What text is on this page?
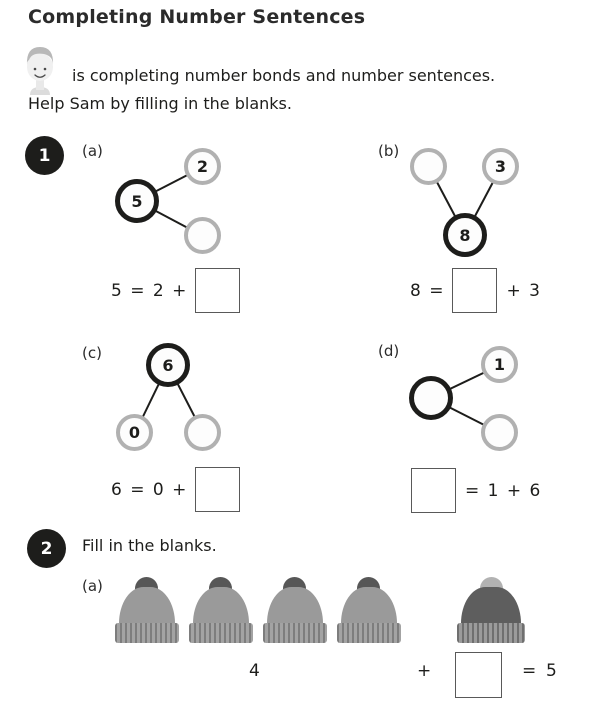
Completing Number Sentences
is completing number bonds and number sentences.
Help Sam by filling in the blanks.
1	(a)
5
2
5 = 2 +
(b)
3
8
8 =	+ 3
(c)
6
0
6 = 0 +
(d)
1
= 1 + 6
2	Fill in the blanks.
(a)
4	+	= 5
